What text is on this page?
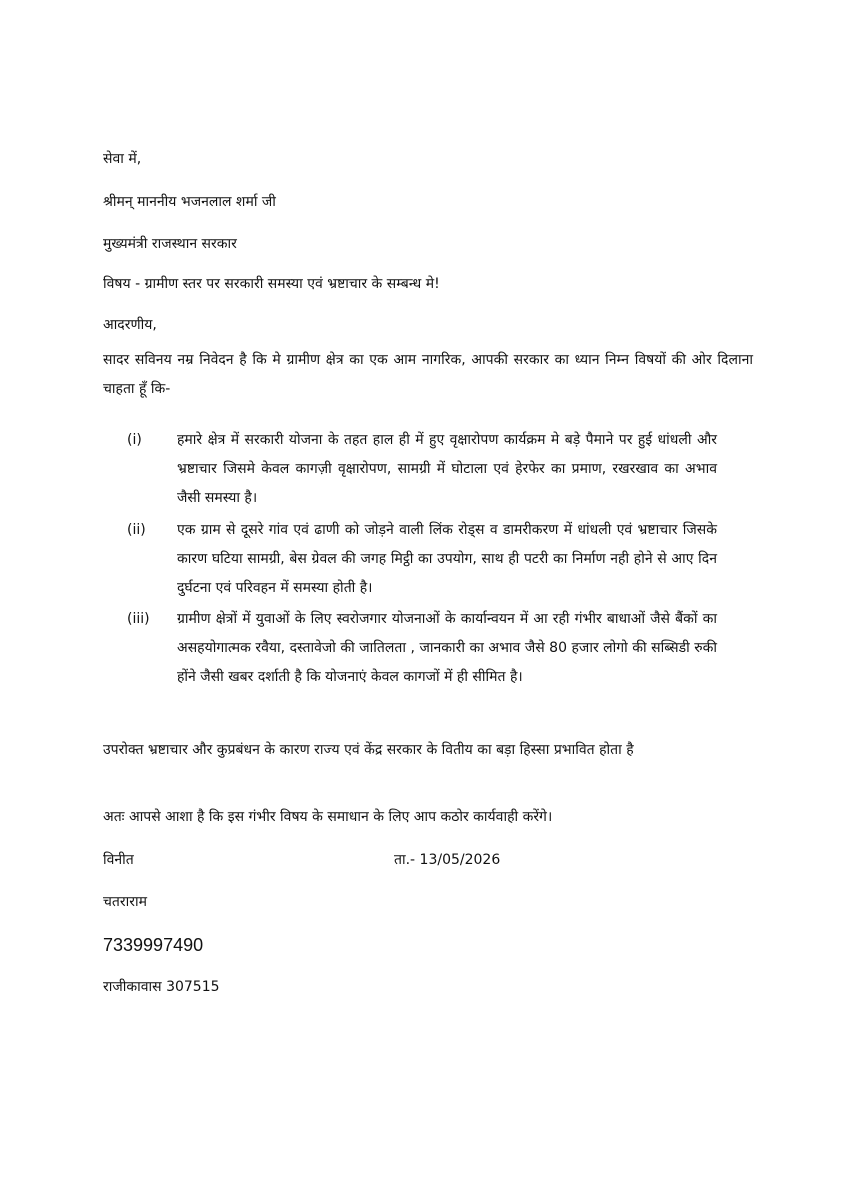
सेवा में,
श्रीमन् माननीय भजनलाल शर्मा जी
मुख्यमंत्री राजस्थान सरकार
विषय - ग्रामीण स्तर पर सरकारी समस्या एवं भ्रष्टाचार के सम्बन्ध मे!
आदरणीय,
सादर सविनय नम्र निवेदन है कि मे ग्रामीण क्षेत्र का एक आम नागरिक, आपकी सरकार का ध्यान निम्न विषयों की ओर दिलाना चाहता हूँ कि-
(i)	हमारे क्षेत्र में सरकारी योजना के तहत हाल ही में हुए वृक्षारोपण कार्यक्रम मे बड़े पैमाने पर हुई धांधली और भ्रष्टाचार जिसमे केवल कागज़ी वृक्षारोपण, सामग्री में घोटाला एवं हेरफेर का प्रमाण, रखरखाव का अभाव जैसी समस्या है।
(ii) एक ग्राम से दूसरे गांव एवं ढाणी को जोड़ने वाली लिंक रोड्स व डामरीकरण में धांधली एवं भ्रष्टाचार जिसके कारण घटिया सामग्री, बेस ग्रेवल की जगह मिट्ठी का उपयोग, साथ ही पटरी का निर्माण नही होने से आए दिन दुर्घटना एवं परिवहन में समस्या होती है।
(iii) ग्रामीण क्षेत्रों में युवाओं के लिए स्वरोजगार योजनाओं के कार्यान्वयन में आ रही गंभीर बाधाओं जैसे बैंकों का असहयोगात्मक रवैया, दस्तावेजो की जातिलता , जानकारी का अभाव जैसे 80 हजार लोगो की सब्सिडी रुकी होंने जैसी खबर दर्शाती है कि योजनाएं केवल कागजों में ही सीमित है।
उपरोक्त भ्रष्टाचार और कुप्रबंधन के कारण राज्य एवं केंद्र सरकार के वितीय का बड़ा हिस्सा प्रभावित होता है
अतः आपसे आशा है कि इस गंभीर विषय के समाधान के लिए आप कठोर कार्यवाही करेंगे।
विनीत	ता.- 13/05/2026
चतराराम
7339997490
राजीकावास 307515
